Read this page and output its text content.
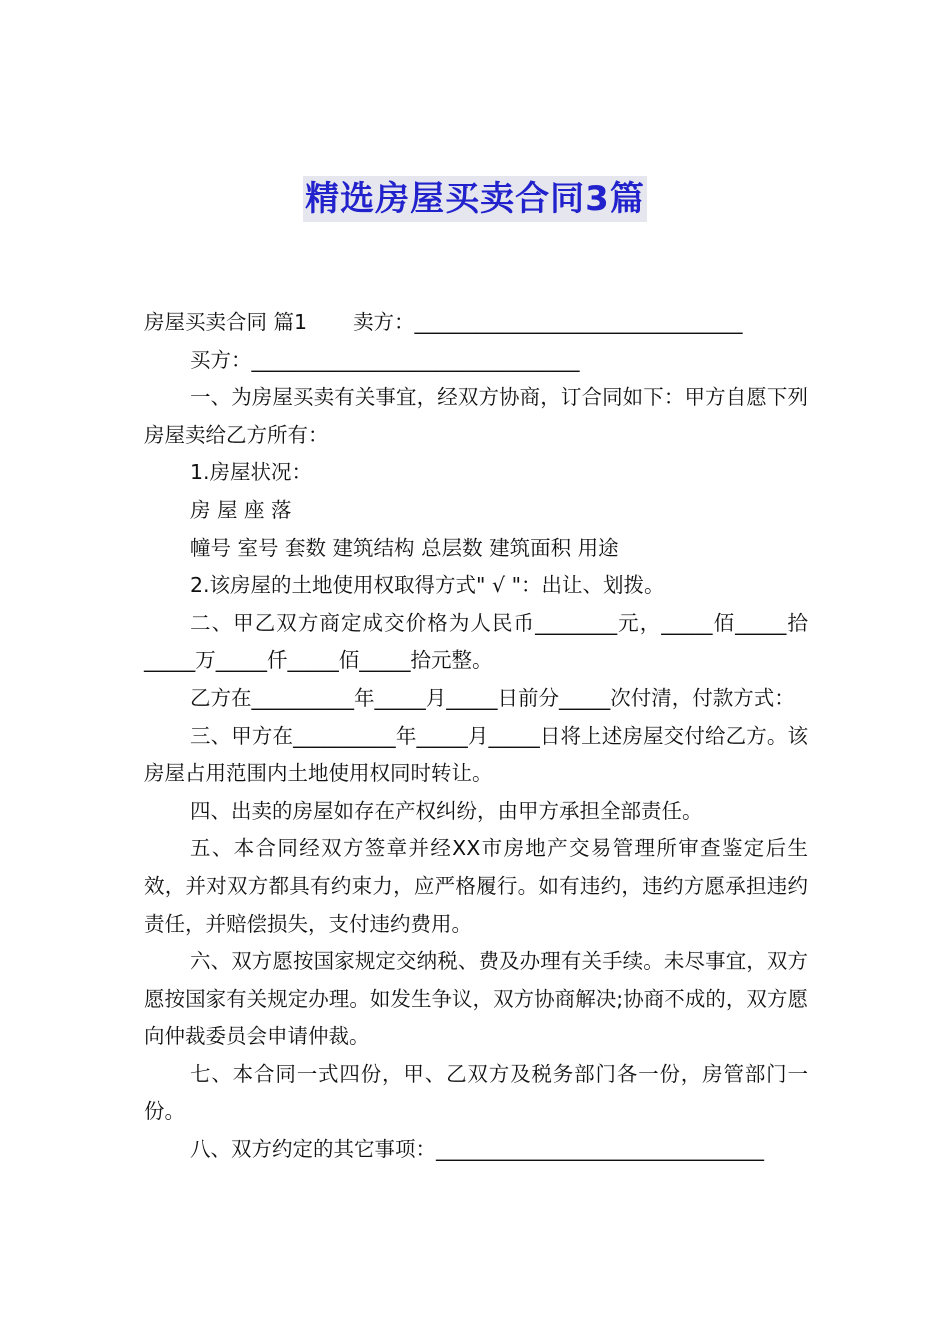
精选房屋买卖合同3篇

房屋买卖合同 篇1 卖方：________________________________

买方：________________________________

一、为房屋买卖有关事宜，经双方协商，订合同如下：甲方自愿下列房屋卖给乙方所有：

1.房屋状况：

房 屋 座 落

幢号 室号 套数 建筑结构 总层数 建筑面积 用途

2.该房屋的土地使用权取得方式" √ "：出让、划拨。

二、甲乙双方商定成交价格为人民币________元，_____佰_____拾_____万_____仟_____佰_____拾元整。

乙方在__________年_____月_____日前分_____次付清，付款方式：

三、甲方在__________年_____月_____日将上述房屋交付给乙方。该房屋占用范围内土地使用权同时转让。

四、出卖的房屋如存在产权纠纷，由甲方承担全部责任。

五、本合同经双方签章并经XX市房地产交易管理所审查鉴定后生效，并对双方都具有约束力，应严格履行。如有违约，违约方愿承担违约责任，并赔偿损失，支付违约费用。

六、双方愿按国家规定交纳税、费及办理有关手续。未尽事宜，双方愿按国家有关规定办理。如发生争议，双方协商解决;协商不成的，双方愿向仲裁委员会申请仲裁。

七、本合同一式四份，甲、乙双方及税务部门各一份，房管部门一份。

八、双方约定的其它事项：________________________________
